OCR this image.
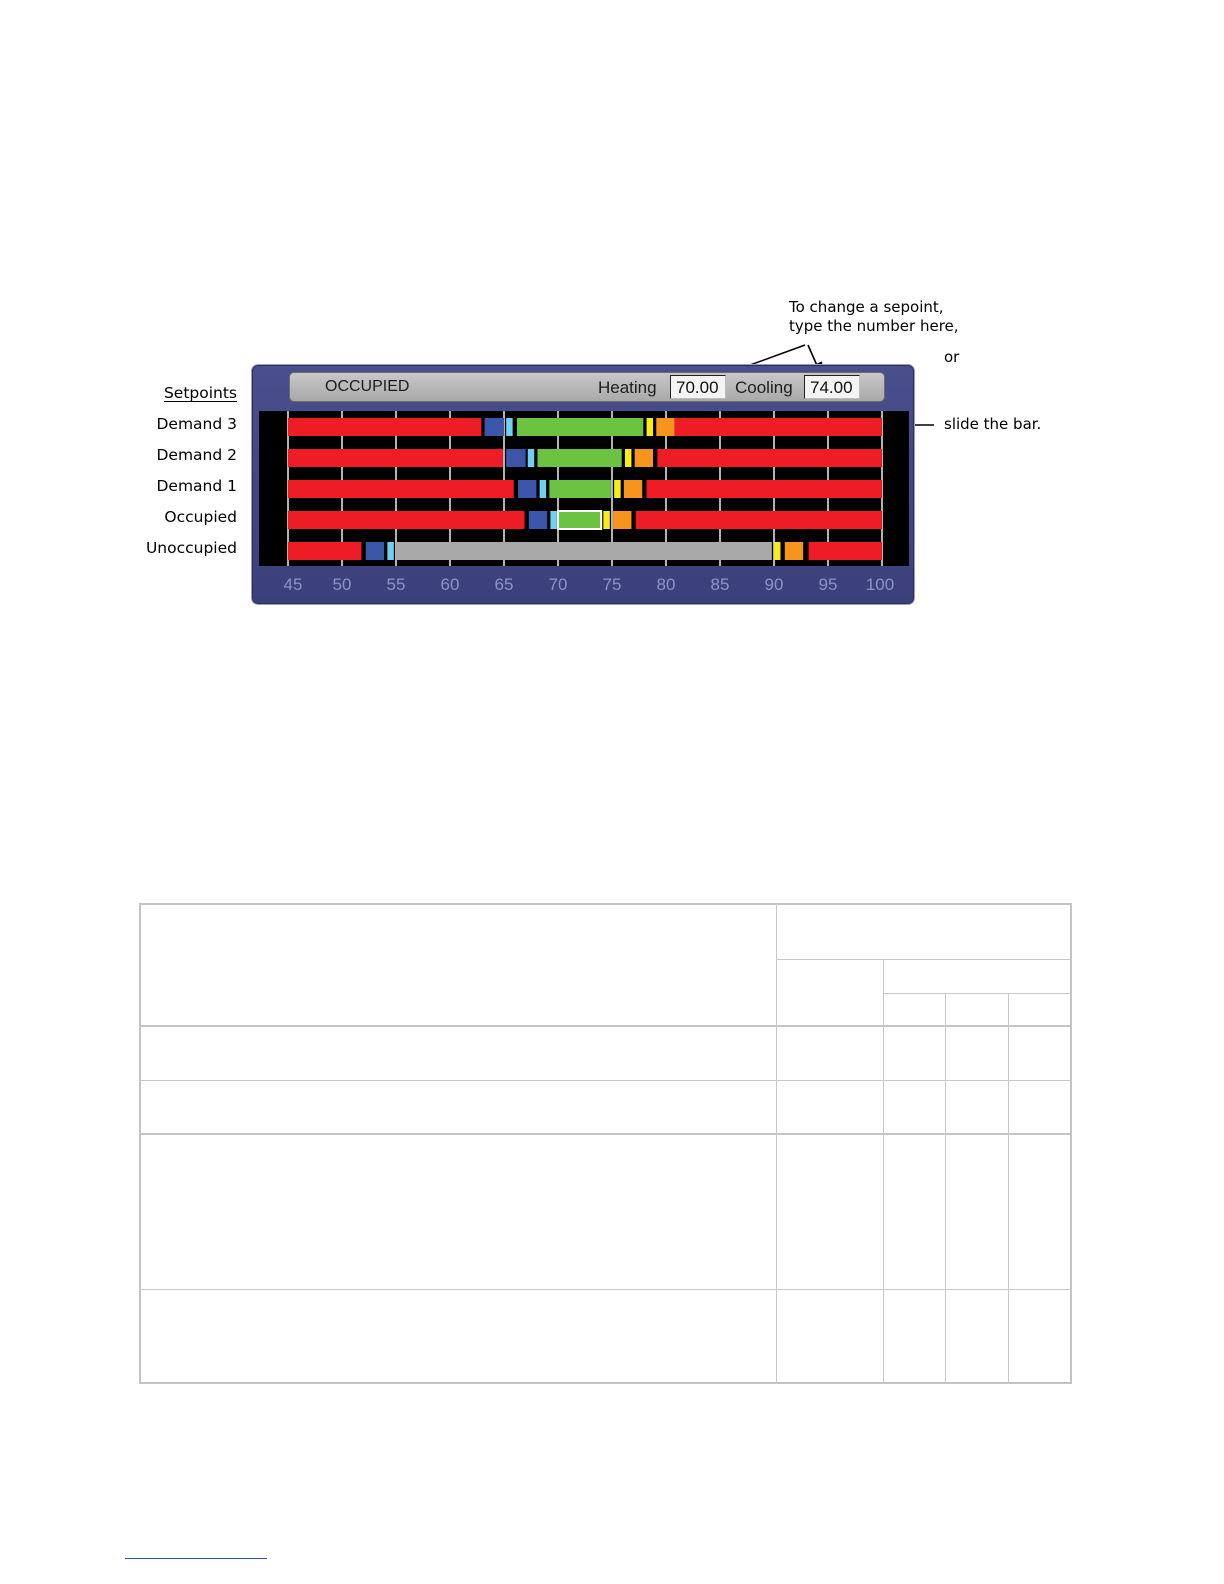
To change a sepoint,
type the number here,
or
slide the bar.
Setpoints
Demand 3
Demand 2
Demand 1
Occupied
Unoccupied
OCCUPIED	Heating	70.00 Cooling	74.00
45 50 55 60 65 70 75 80 85 90 95 100
